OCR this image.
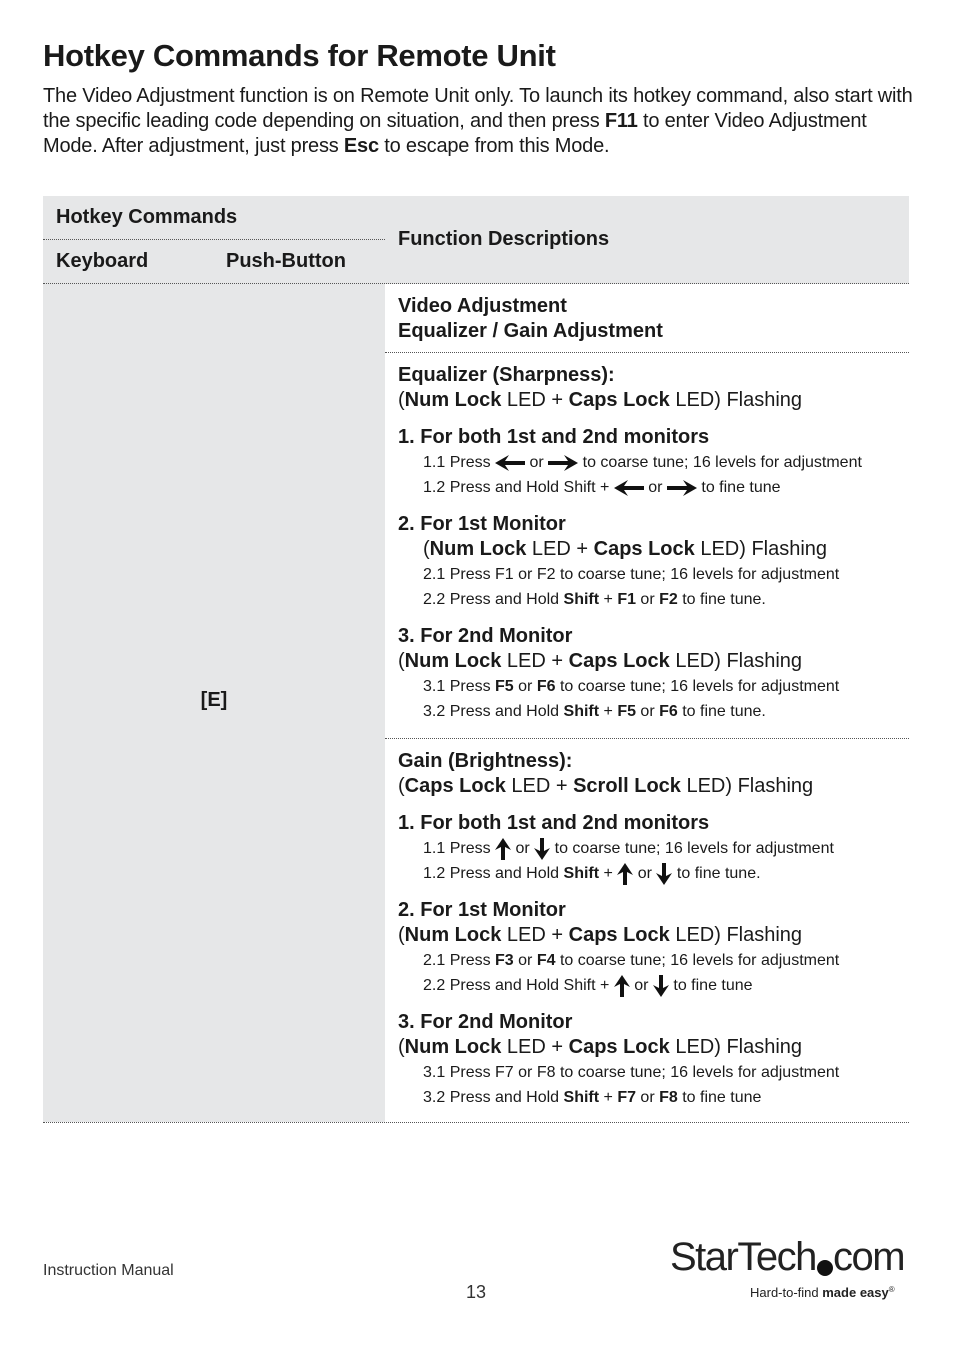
Hotkey Commands for Remote Unit
The Video Adjustment function is on Remote Unit only. To launch its hotkey command, also start with the specific leading code depending on situation, and then press F11 to enter Video Adjustment Mode. After adjustment, just press Esc to escape from this Mode.
Hotkey Commands
Keyboard	Push-Button
Function Descriptions
[E]
Video Adjustment
Equalizer / Gain Adjustment
Equalizer (Sharpness):
(Num Lock LED + Caps Lock LED) Flashing
1. For both 1st and 2nd monitors
1.1 Press or to coarse tune; 16 levels for adjustment
1.2 Press and Hold Shift + or to fine tune
2. For 1st Monitor
(Num Lock LED + Caps Lock LED) Flashing
2.1 Press F1 or F2 to coarse tune; 16 levels for adjustment
2.2 Press and Hold Shift + F1 or F2 to fine tune.
3. For 2nd Monitor
(Num Lock LED + Caps Lock LED) Flashing
3.1 Press F5 or F6 to coarse tune; 16 levels for adjustment
3.2 Press and Hold Shift + F5 or F6 to fine tune.
Gain (Brightness):
(Caps Lock LED + Scroll Lock LED) Flashing
1. For both 1st and 2nd monitors
1.1 Press or to coarse tune; 16 levels for adjustment
1.2 Press and Hold Shift + or to fine tune.
2. For 1st Monitor
(Num Lock LED + Caps Lock LED) Flashing
2.1 Press F3 or F4 to coarse tune; 16 levels for adjustment
2.2 Press and Hold Shift + or to fine tune
3. For 2nd Monitor
(Num Lock LED + Caps Lock LED) Flashing
3.1 Press F7 or F8 to coarse tune; 16 levels for adjustment
3.2 Press and Hold Shift + F7 or F8 to fine tune
Instruction Manual
13
StarTech com
Hard-to-find made easy®
